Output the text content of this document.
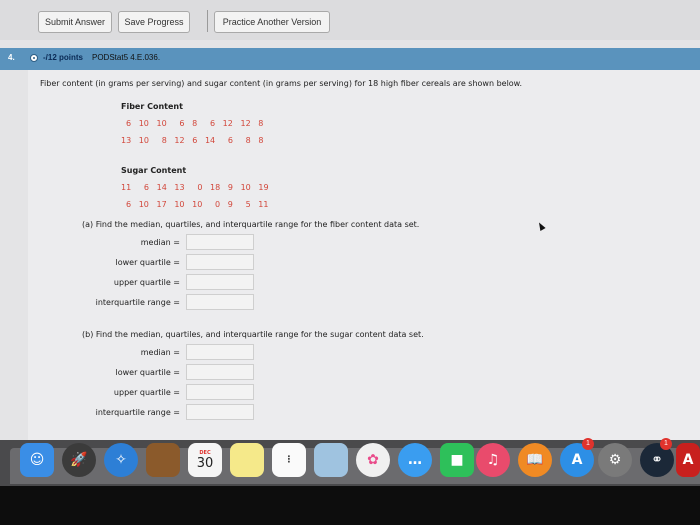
Submit Answer	Save Progress	Practice Another Version
4.	-/12 points PODStat5 4.E.036.
Fiber content (in grams per serving) and sugar content (in grams per serving) for 18 high fiber cereals are shown below.
Fiber Content
6   10   10     6   8     6   12   12   8
13   10     8   12   6   14     6     8   8
Sugar Content
11     6   14   13     0   18   9   10   19
6   10   17   10   10     0   9     5   11
(a) Find the median, quartiles, and interquartile range for the fiber content data set.
median =
lower quartile =
upper quartile =
interquartile range =
(b) Find the median, quartiles, and interquartile range for the sugar content data set.
median =
lower quartile =
upper quartile =
interquartile range =
☺	🚀	✧	DEC
30	⋮	✿	…	■	♫	📖	A
1
⚙	⚭
1
A
